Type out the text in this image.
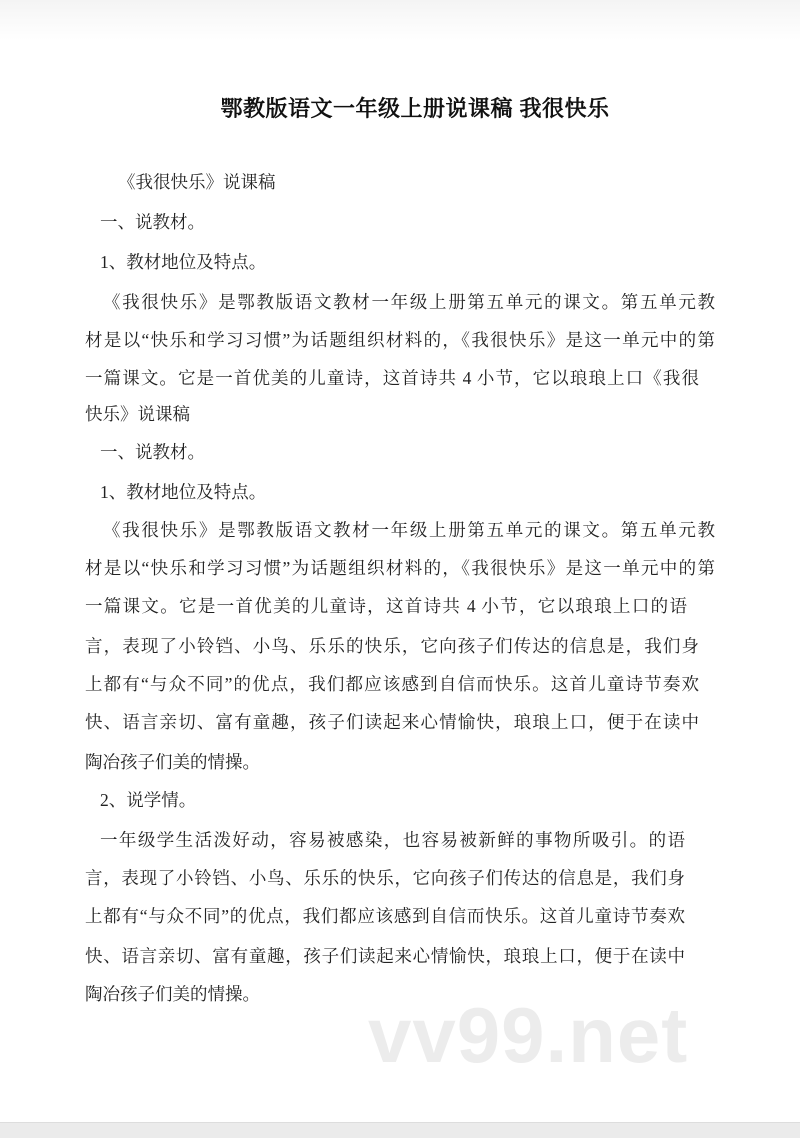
鄂教版语文一年级上册说课稿 我很快乐
《我很快乐》说课稿
一、说教材。
1、教材地位及特点。
《我很快乐》是鄂教版语文教材一年级上册第五单元的课文。第五单元教
材是以“快乐和学习习惯”为话题组织材料的，《我很快乐》是这一单元中的第
一篇课文。它是一首优美的儿童诗，这首诗共 4 小节，它以琅琅上口《我很
快乐》说课稿
一、说教材。
1、教材地位及特点。
《我很快乐》是鄂教版语文教材一年级上册第五单元的课文。第五单元教
材是以“快乐和学习习惯”为话题组织材料的，《我很快乐》是这一单元中的第
一篇课文。它是一首优美的儿童诗，这首诗共 4 小节，它以琅琅上口的语
言，表现了小铃铛、小鸟、乐乐的快乐，它向孩子们传达的信息是，我们身
上都有“与众不同”的优点，我们都应该感到自信而快乐。这首儿童诗节奏欢
快、语言亲切、富有童趣，孩子们读起来心情愉快，琅琅上口，便于在读中
陶冶孩子们美的情操。
2、说学情。
一年级学生活泼好动，容易被感染，也容易被新鲜的事物所吸引。的语
言，表现了小铃铛、小鸟、乐乐的快乐，它向孩子们传达的信息是，我们身
上都有“与众不同”的优点，我们都应该感到自信而快乐。这首儿童诗节奏欢
快、语言亲切、富有童趣，孩子们读起来心情愉快，琅琅上口，便于在读中
陶冶孩子们美的情操。 vv99.net
